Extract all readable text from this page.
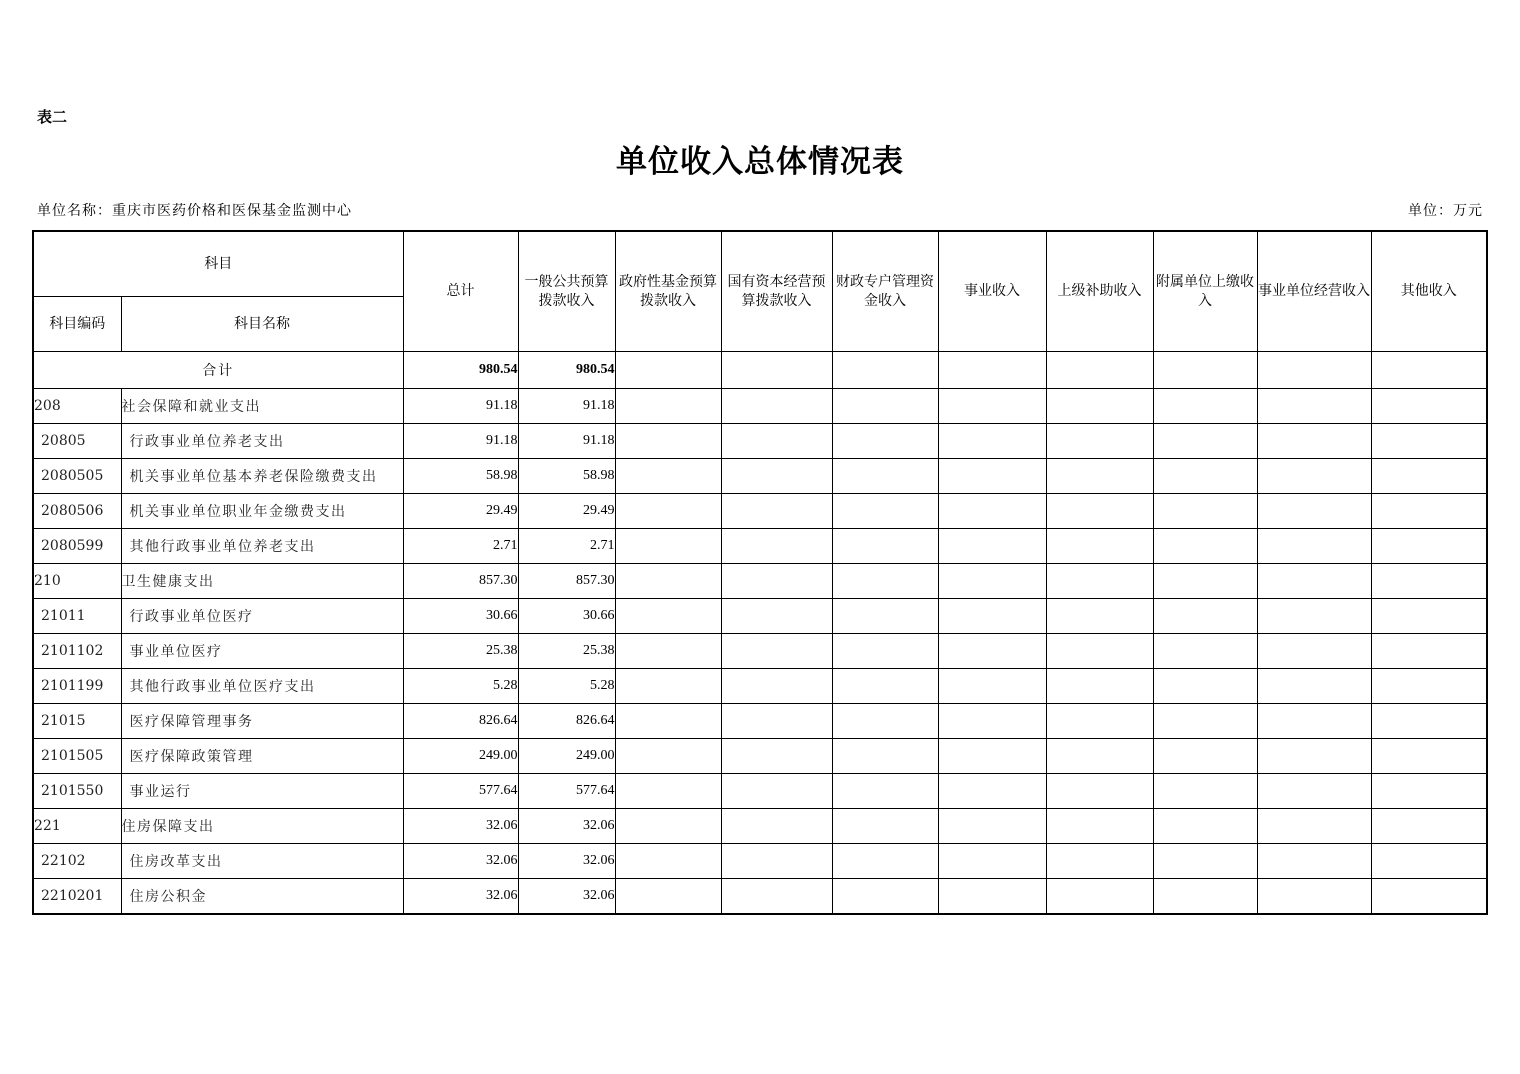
表二
单位收入总体情况表
单位名称：重庆市医药价格和医保基金监测中心	单位：万元
科目		总计	一般公共预算拨款收入	政府性基金预算拨款收入	国有资本经营预算拨款收入	财政专户管理资金收入	事业收入	上级补助收入	附属单位上缴收入	事业单位经营收入	其他收入
科目编码	科目名称										
合计		980.54	980.54								
208	社会保障和就业支出	91.18	91.18								
20805	行政事业单位养老支出	91.18	91.18								
2080505	机关事业单位基本养老保险缴费支出	58.98	58.98								
2080506	机关事业单位职业年金缴费支出	29.49	29.49								
2080599	其他行政事业单位养老支出	2.71	2.71								
210	卫生健康支出	857.30	857.30								
21011	行政事业单位医疗	30.66	30.66								
2101102	事业单位医疗	25.38	25.38								
2101199	其他行政事业单位医疗支出	5.28	5.28								
21015	医疗保障管理事务	826.64	826.64								
2101505	医疗保障政策管理	249.00	249.00								
2101550	事业运行	577.64	577.64								
221	住房保障支出	32.06	32.06								
22102	住房改革支出	32.06	32.06								
2210201	住房公积金	32.06	32.06								
